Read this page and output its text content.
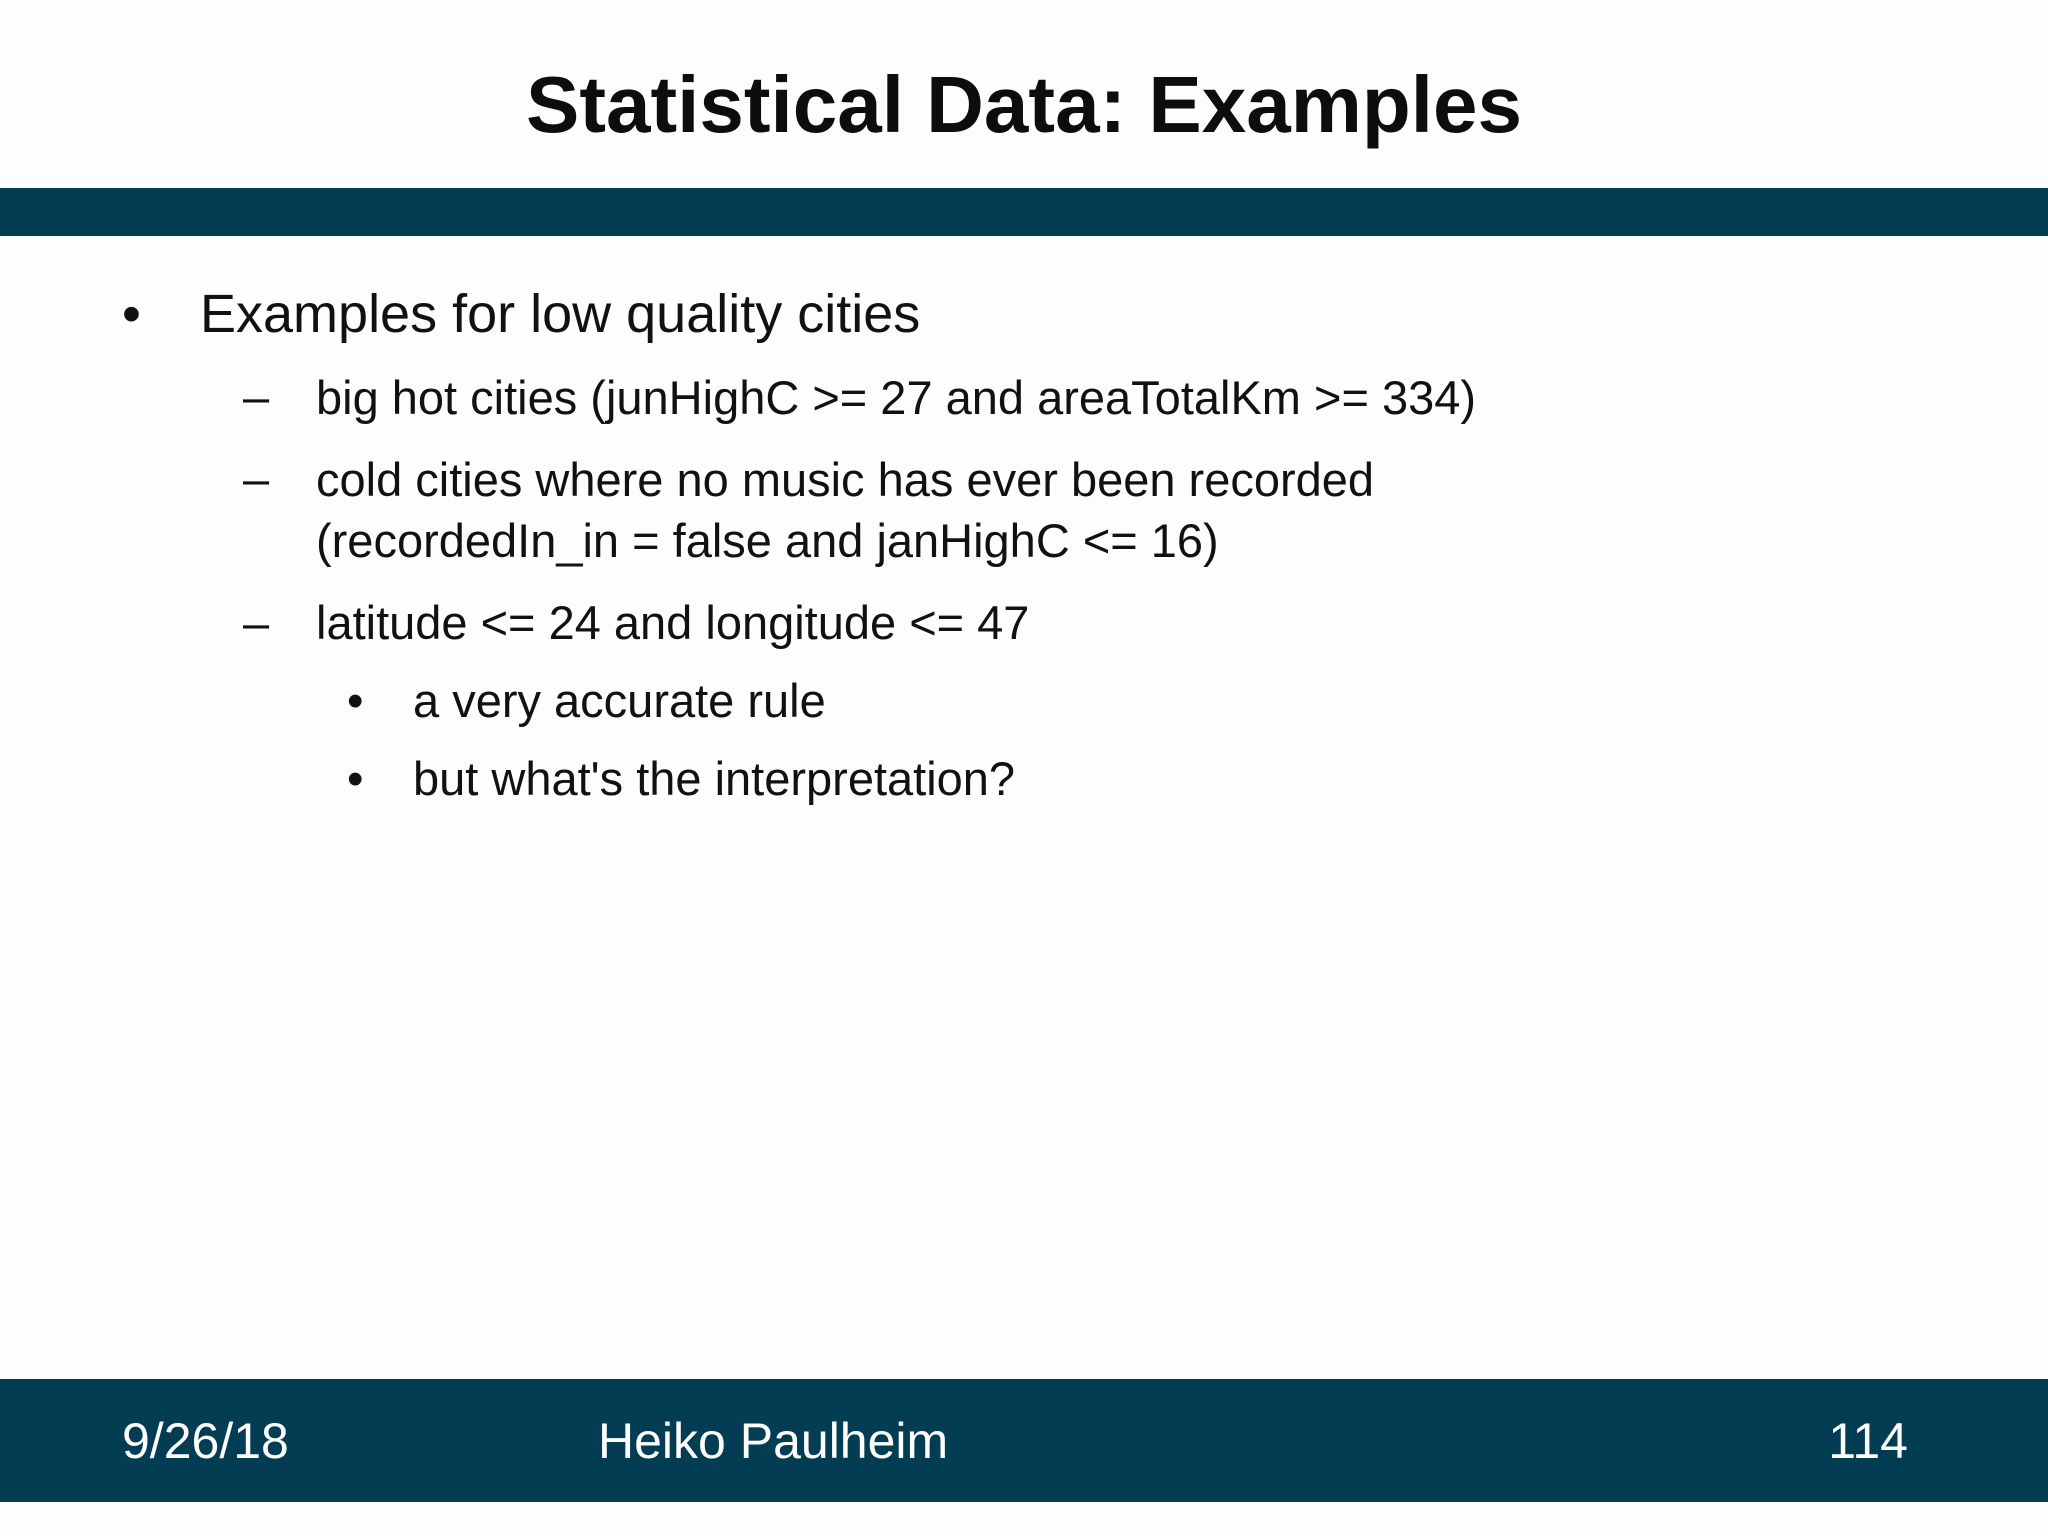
Statistical Data: Examples
• Examples for low quality cities
– big hot cities (junHighC >= 27 and areaTotalKm >= 334)
– cold cities where no music has ever been recorded
(recordedIn_in = false and janHighC <= 16)
– latitude <= 24 and longitude <= 47
• a very accurate rule
• but what's the interpretation?
9/26/18	Heiko Paulheim	114
